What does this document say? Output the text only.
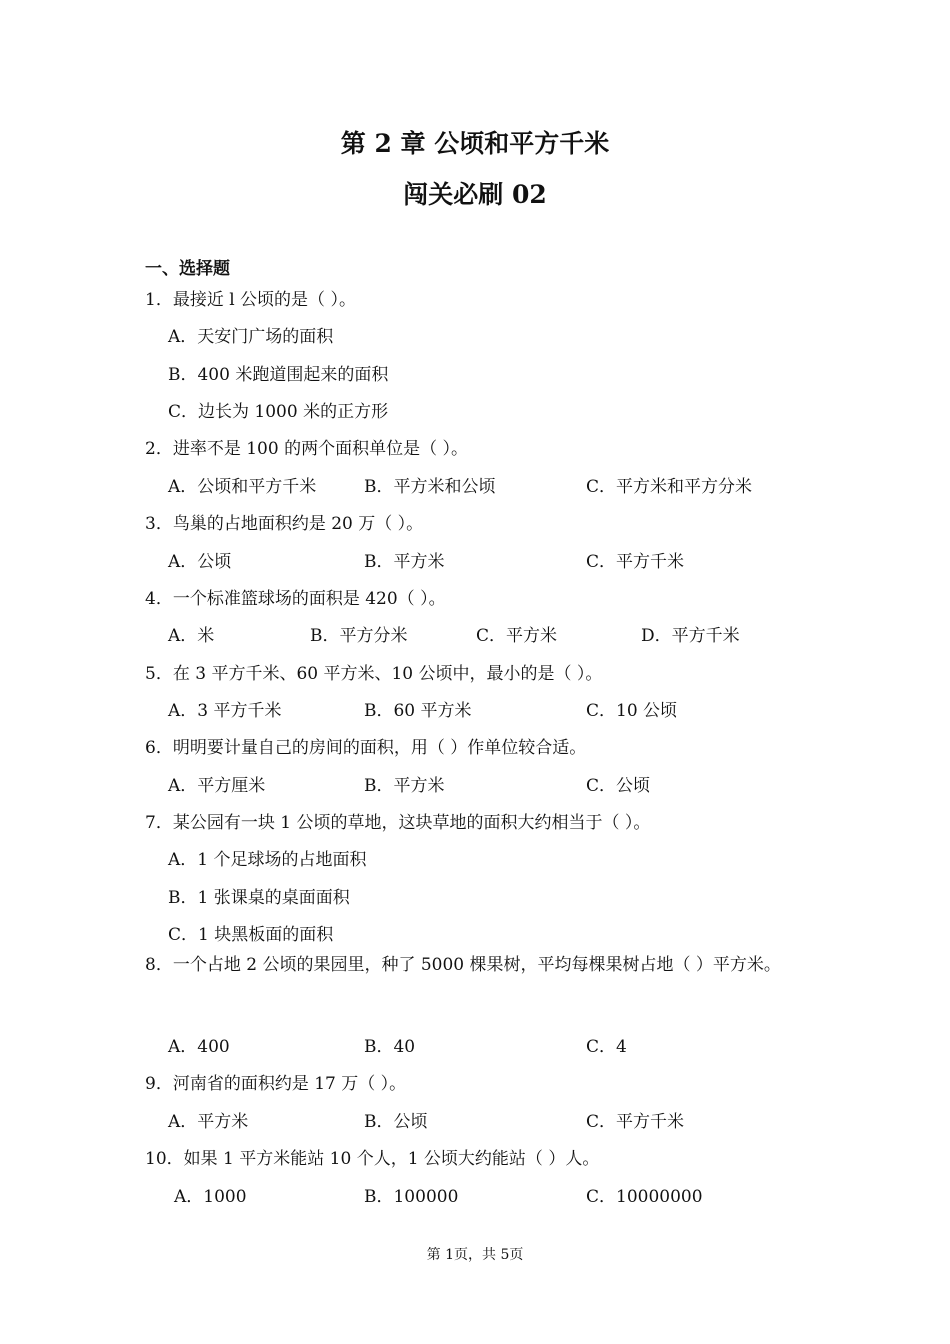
第 2 章 公顷和平方千米
闯关必刷 02
一、选择题
1．最接近 l 公顷的是（ ）。
A．天安门广场的面积
B．400 米跑道围起来的面积
C．边长为 1000 米的正方形
2．进率不是 100 的两个面积单位是（ ）。
A．公顷和平方千米	B．平方米和公顷	C．平方米和平方分米
3．鸟巢的占地面积约是 20 万（ ）。
A．公顷	B．平方米	C．平方千米
4．一个标准篮球场的面积是 420（ ）。
A．米	B．平方分米	C．平方米	D．平方千米
5．在 3 平方千米、60 平方米、10 公顷中，最小的是（ ）。
A．3 平方千米	B．60 平方米	C．10 公顷
6．明明要计量自己的房间的面积，用（ ）作单位较合适。
A．平方厘米	B．平方米	C．公顷
7．某公园有一块 1 公顷的草地，这块草地的面积大约相当于（ ）。
A．1 个足球场的占地面积
B．1 张课桌的桌面面积
C．1 块黑板面的面积
8．一个占地 2 公顷的果园里，种了 5000 棵果树，平均每棵果树占地（ ）平方米。
A．400	B．40	C．4
9．河南省的面积约是 17 万（ ）。
A．平方米	B．公顷	C．平方千米
10．如果 1 平方米能站 10 个人，1 公顷大约能站（ ）人。
A．1000	B．100000	C．10000000
第 1页，共 5页
